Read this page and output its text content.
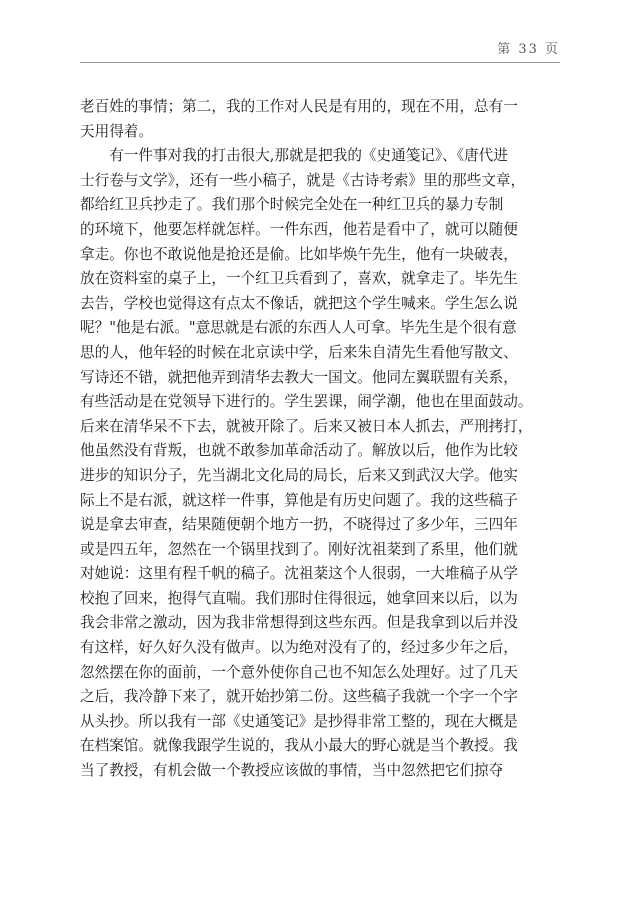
第 33 页
老百姓的事情；第二，我的工作对人民是有用的，现在不用，总有一
天用得着。
　　有一件事对我的打击很大,那就是把我的《史通笺记》、《唐代进
士行卷与文学》，还有一些小稿子，就是《古诗考索》里的那些文章，
都给红卫兵抄走了。我们那个时候完全处在一种红卫兵的暴力专制
的环境下，他要怎样就怎样。一件东西，他若是看中了，就可以随便
拿走。你也不敢说他是抢还是偷。比如毕焕午先生，他有一块破表，
放在资料室的桌子上，一个红卫兵看到了，喜欢，就拿走了。毕先生
去告，学校也觉得这有点太不像话，就把这个学生喊来。学生怎么说
呢？"他是右派。"意思就是右派的东西人人可拿。毕先生是个很有意
思的人，他年轻的时候在北京读中学，后来朱自清先生看他写散文、
写诗还不错，就把他弄到清华去教大一国文。他同左翼联盟有关系，
有些活动是在党领导下进行的。学生罢课，闹学潮，他也在里面鼓动。
后来在清华呆不下去，就被开除了。后来又被日本人抓去，严刑拷打，
他虽然没有背叛，也就不敢参加革命活动了。解放以后，他作为比较
进步的知识分子，先当湖北文化局的局长，后来又到武汉大学。他实
际上不是右派，就这样一件事，算他是有历史问题了。我的这些稿子
说是拿去审查，结果随便朝个地方一扔，不晓得过了多少年，三四年
或是四五年，忽然在一个锅里找到了。刚好沈祖棻到了系里，他们就
对她说：这里有程千帆的稿子。沈祖棻这个人很弱，一大堆稿子从学
校抱了回来，抱得气直喘。我们那时住得很远，她拿回来以后，以为
我会非常之激动，因为我非常想得到这些东西。但是我拿到以后并没
有这样，好久好久没有做声。以为绝对没有了的，经过多少年之后，
忽然摆在你的面前，一个意外使你自己也不知怎么处理好。过了几天
之后，我冷静下来了，就开始抄第二份。这些稿子我就一个字一个字
从头抄。所以我有一部《史通笺记》是抄得非常工整的，现在大概是
在档案馆。就像我跟学生说的，我从小最大的野心就是当个教授。我
当了教授，有机会做一个教授应该做的事情，当中忽然把它们掠夺
